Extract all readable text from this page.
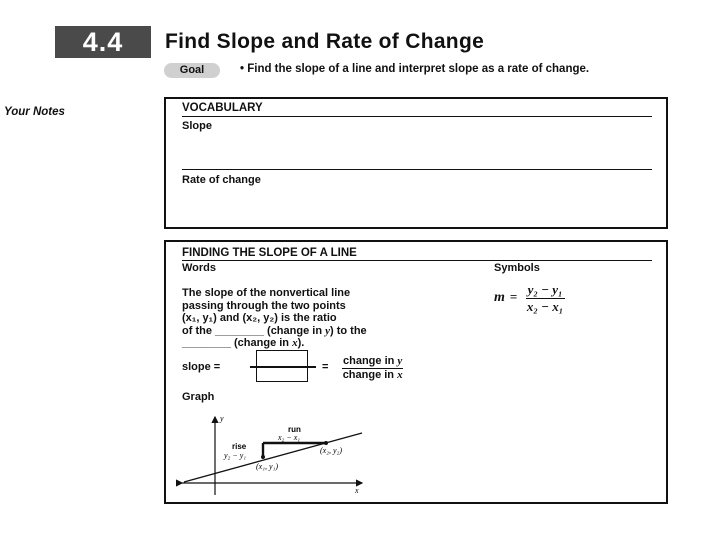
4.4	Find Slope and Rate of Change
Goal	• Find the slope of a line and interpret slope as a rate of change.
Your Notes	VOCABULARY
Slope
Rate of change
FINDING THE SLOPE OF A LINE
Words	Symbols
The slope of the nonvertical line
passing through the two points
(x₁, y₁) and (x₂, y₂) is the ratio
of the ________ (change in y) to the
________ (change in x).
slope =	= change in y
change in x
$m = \frac{\text{y₂ − y₁}}{\text{x₂ − x₁}}$
Graph
x
y
rise
y₂ − y₁
run
x₂ − x₁
(x₁, y₁)
(x₂, y₂)
